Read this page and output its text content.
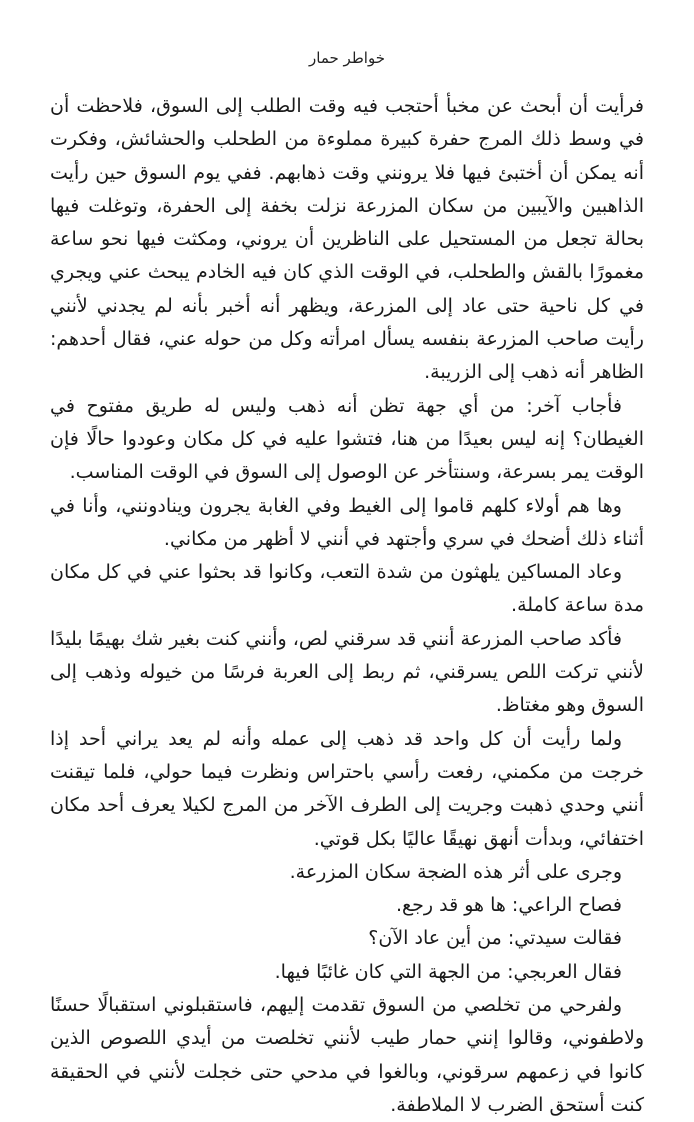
خواطر حمار

فرأيت أن أبحث عن مخبأ أحتجب فيه وقت الطلب إلى السوق، فلاحظت أن في وسط ذلك المرج حفرة كبيرة مملوءة من الطحلب والحشائش، وفكرت أنه يمكن أن أختبئ فيها فلا يرونني وقت ذهابهم. ففي يوم السوق حين رأيت الذاهبين والآيبين من سكان المزرعة نزلت بخفة إلى الحفرة، وتوغلت فيها بحالة تجعل من المستحيل على الناظرين أن يروني، ومكثت فيها نحو ساعة مغمورًا بالقش والطحلب، في الوقت الذي كان فيه الخادم يبحث عني ويجري في كل ناحية حتى عاد إلى المزرعة، ويظهر أنه أخبر بأنه لم يجدني لأنني رأيت صاحب المزرعة بنفسه يسأل امرأته وكل من حوله عني، فقال أحدهم: الظاهر أنه ذهب إلى الزريبة.

فأجاب آخر: من أي جهة تظن أنه ذهب وليس له طريق مفتوح في الغيطان؟ إنه ليس بعيدًا من هنا، فتشوا عليه في كل مكان وعودوا حالًا فإن الوقت يمر بسرعة، وسنتأخر عن الوصول إلى السوق في الوقت المناسب.

وها هم أولاء كلهم قاموا إلى الغيط وفي الغابة يجرون وينادونني، وأنا في أثناء ذلك أضحك في سري وأجتهد في أنني لا أظهر من مكاني.

وعاد المساكين يلهثون من شدة التعب، وكانوا قد بحثوا عني في كل مكان مدة ساعة كاملة.

فأكد صاحب المزرعة أنني قد سرقني لص، وأنني كنت بغير شك بهيمًا بليدًا لأنني تركت اللص يسرقني، ثم ربط إلى العربة فرسًا من خيوله وذهب إلى السوق وهو مغتاظ.

ولما رأيت أن كل واحد قد ذهب إلى عمله وأنه لم يعد يراني أحد إذا خرجت من مكمني، رفعت رأسي باحتراس ونظرت فيما حولي، فلما تيقنت أنني وحدي ذهبت وجريت إلى الطرف الآخر من المرج لكيلا يعرف أحد مكان اختفائي، وبدأت أنهق نهيقًا عاليًا بكل قوتي.

وجرى على أثر هذه الضجة سكان المزرعة.

فصاح الراعي: ها هو قد رجع.

فقالت سيدتي: من أين عاد الآن؟

فقال العربجي: من الجهة التي كان غائبًا فيها.

ولفرحي من تخلصي من السوق تقدمت إليهم، فاستقبلوني استقبالًا حسنًا ولاطفوني، وقالوا إنني حمار طيب لأنني تخلصت من أيدي اللصوص الذين كانوا في زعمهم سرقوني، وبالغوا في مدحي حتى خجلت لأنني في الحقيقة كنت أستحق الضرب لا الملاطفة.
